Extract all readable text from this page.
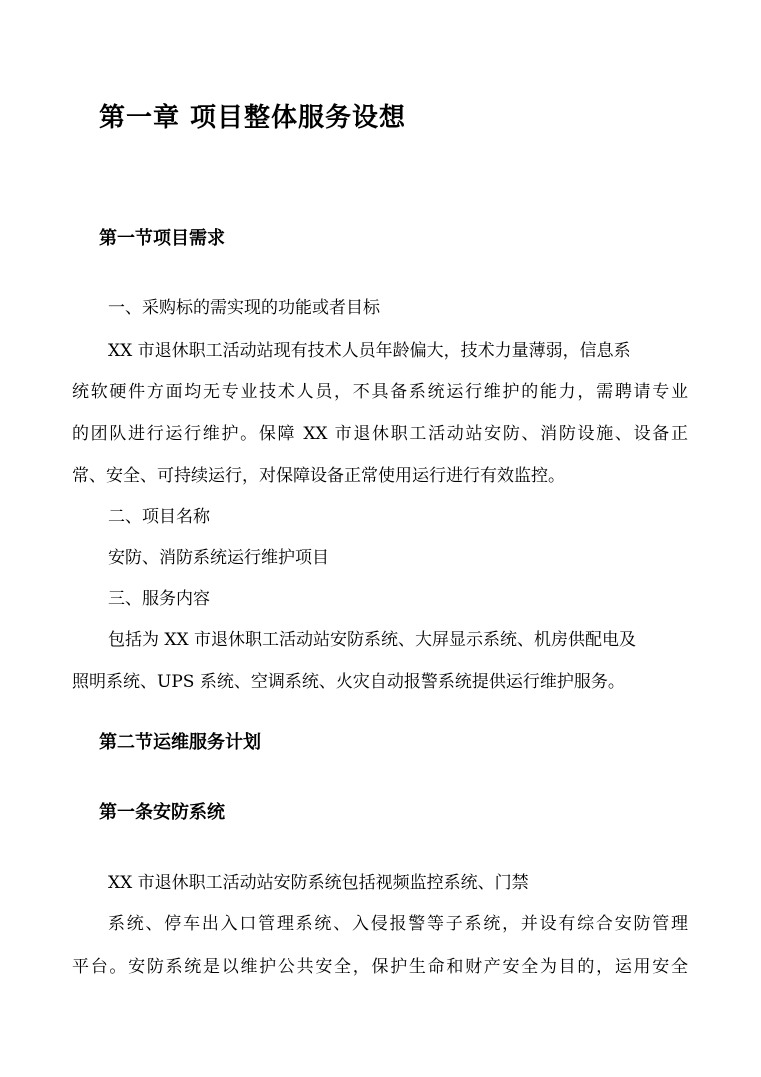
第一章 项目整体服务设想
第一节项目需求
一、采购标的需实现的功能或者目标
XX 市退休职工活动站现有技术人员年龄偏大，技术力量薄弱，信息系
统软硬件方面均无专业技术人员，不具备系统运行维护的能力，需聘请专业
的团队进行运行维护。保障 XX 市退休职工活动站安防、消防设施、设备正
常、安全、可持续运行，对保障设备正常使用运行进行有效监控。
二、项目名称
安防、消防系统运行维护项目
三、服务内容
包括为 XX 市退休职工活动站安防系统、大屏显示系统、机房供配电及
照明系统、UPS 系统、空调系统、火灾自动报警系统提供运行维护服务。
第二节运维服务计划
第一条安防系统
XX 市退休职工活动站安防系统包括视频监控系统、门禁
系统、停车出入口管理系统、入侵报警等子系统，并设有综合安防管理
平台。安防系统是以维护公共安全，保护生命和财产安全为目的，运用安全
